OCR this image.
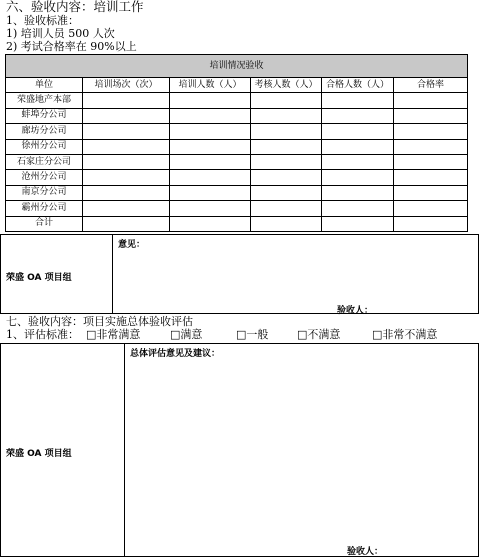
六、验收内容：培训工作
1、验收标准：
1) 培训人员 500 人次
2) 考试合格率在 90%以上
培训情况验收					
单位	培训场次（次）	培训人数（人）	考核人数（人）	合格人数（人）	合格率
荣盛地产本部					
蚌埠分公司					
廊坊分公司					
徐州分公司					
石家庄分公司					
沧州分公司					
南京分公司					
霸州分公司					
合计					
荣盛 OA 项目组
意见：
验收人：
七、验收内容：项目实施总体验收评估
1、评估标准： □非常满意	□满意	□一般	□不满意	□非常不满意
荣盛 OA 项目组
总体评估意见及建议：
验收人：
